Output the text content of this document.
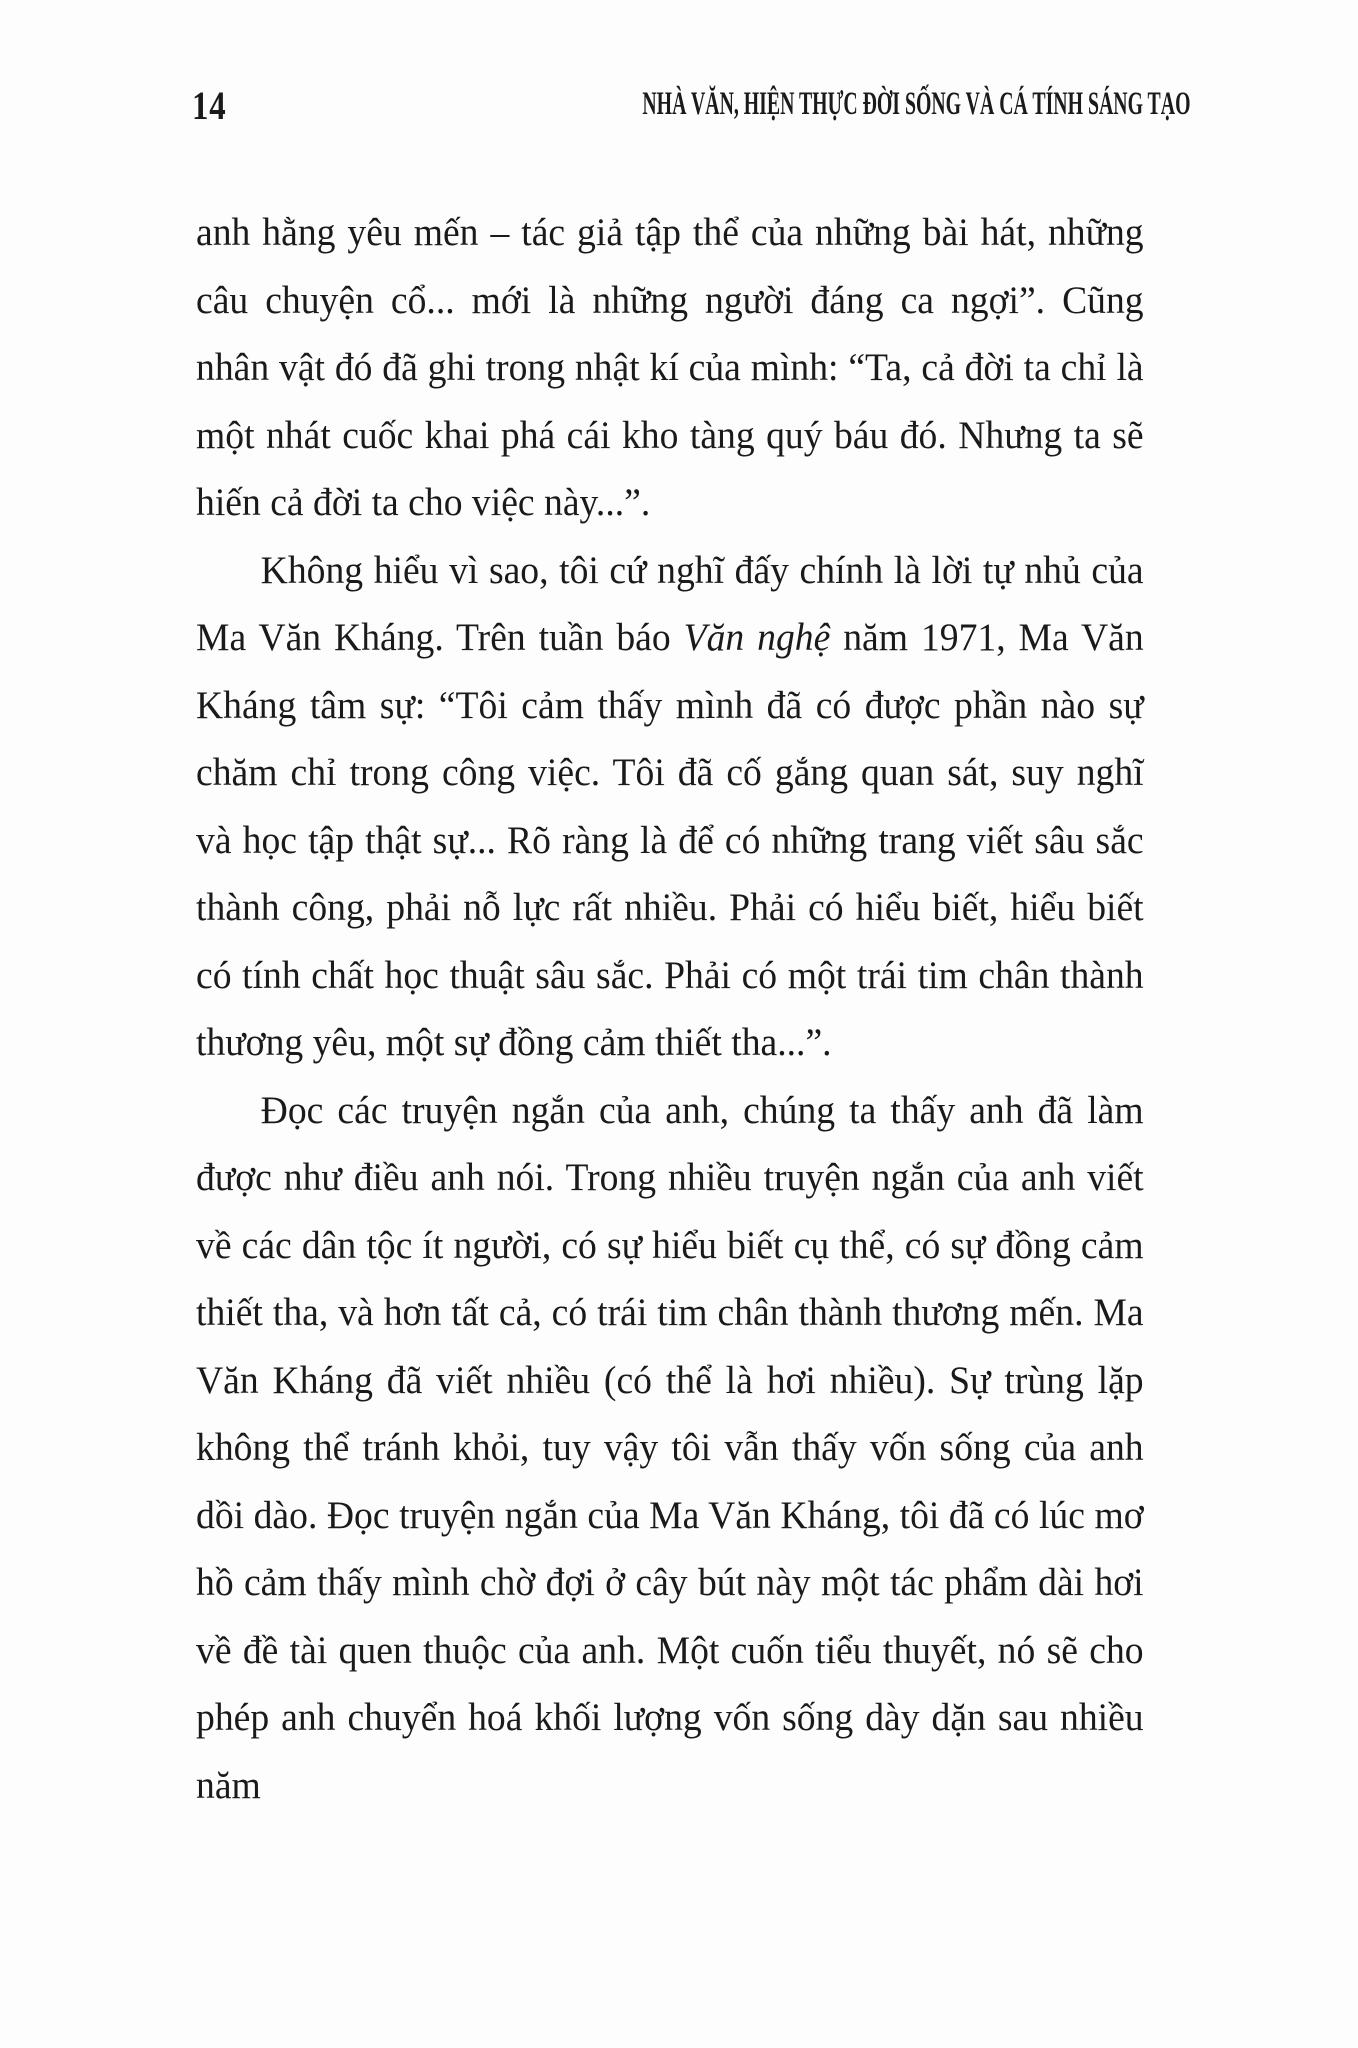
14	NHÀ VĂN, HIỆN THỰC ĐỜI SỐNG VÀ CÁ TÍNH SÁNG TẠO

anh hằng yêu mến – tác giả tập thể của những bài hát, những câu chuyện cổ... mới là những người đáng ca ngợi”. Cũng nhân vật đó đã ghi trong nhật kí của mình: “Ta, cả đời ta chỉ là một nhát cuốc khai phá cái kho tàng quý báu đó. Nhưng ta sẽ hiến cả đời ta cho việc này...”.

Không hiểu vì sao, tôi cứ nghĩ đấy chính là lời tự nhủ của Ma Văn Kháng. Trên tuần báo Văn nghệ năm 1971, Ma Văn Kháng tâm sự: “Tôi cảm thấy mình đã có được phần nào sự chăm chỉ trong công việc. Tôi đã cố gắng quan sát, suy nghĩ và học tập thật sự... Rõ ràng là để có những trang viết sâu sắc thành công, phải nỗ lực rất nhiều. Phải có hiểu biết, hiểu biết có tính chất học thuật sâu sắc. Phải có một trái tim chân thành thương yêu, một sự đồng cảm thiết tha...”.

Đọc các truyện ngắn của anh, chúng ta thấy anh đã làm được như điều anh nói. Trong nhiều truyện ngắn của anh viết về các dân tộc ít người, có sự hiểu biết cụ thể, có sự đồng cảm thiết tha, và hơn tất cả, có trái tim chân thành thương mến. Ma Văn Kháng đã viết nhiều (có thể là hơi nhiều). Sự trùng lặp không thể tránh khỏi, tuy vậy tôi vẫn thấy vốn sống của anh dồi dào. Đọc truyện ngắn của Ma Văn Kháng, tôi đã có lúc mơ hồ cảm thấy mình chờ đợi ở cây bút này một tác phẩm dài hơi về đề tài quen thuộc của anh. Một cuốn tiểu thuyết, nó sẽ cho phép anh chuyển hoá khối lượng vốn sống dày dặn sau nhiều năm
